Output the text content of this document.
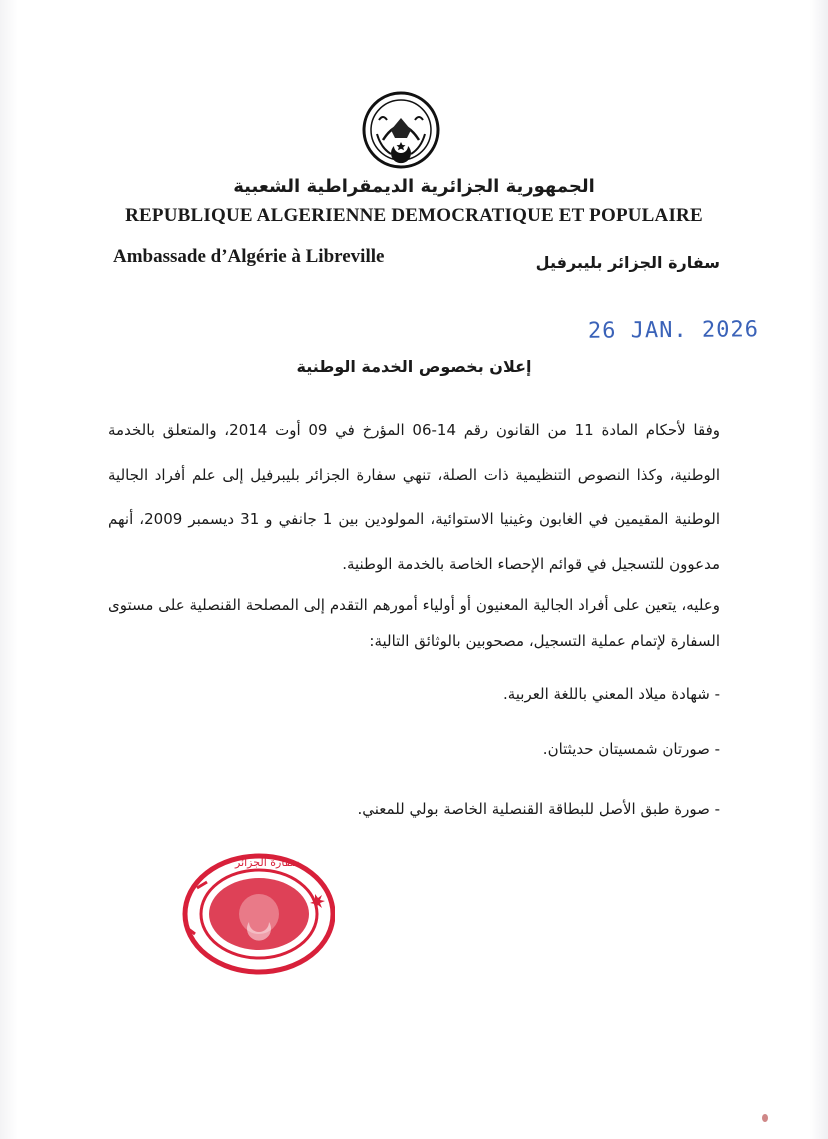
الجمهورية الجزائرية الديمقراطية الشعبية
REPUBLIQUE ALGERIENNE DEMOCRATIQUE ET POPULAIRE
Ambassade d’Algérie à Libreville	سفارة الجزائر بليبرفيل
26 JAN. 2026
إعلان بخصوص الخدمة الوطنية
وفقا لأحكام المادة 11 من القانون رقم 14-06 المؤرخ في 09 أوت 2014، والمتعلق بالخدمة الوطنية، وكذا النصوص التنظيمية ذات الصلة، تنهي سفارة الجزائر بليبرفيل إلى علم أفراد الجالية الوطنية المقيمين في الغابون وغينيا الاستوائية، المولودين بين 1 جانفي و 31 ديسمبر 2009، أنهم مدعوون للتسجيل في قوائم الإحصاء الخاصة بالخدمة الوطنية.
وعليه، يتعين على أفراد الجالية المعنيون أو أولياء أمورهم التقدم إلى المصلحة القنصلية على مستوى السفارة لإتمام عملية التسجيل، مصحوبين بالوثائق التالية:
- شهادة ميلاد المعني باللغة العربية.
- صورتان شمسيتان حديثتان.
- صورة طبق الأصل للبطاقة القنصلية الخاصة بولي للمعني.
سفارة الجزائر
